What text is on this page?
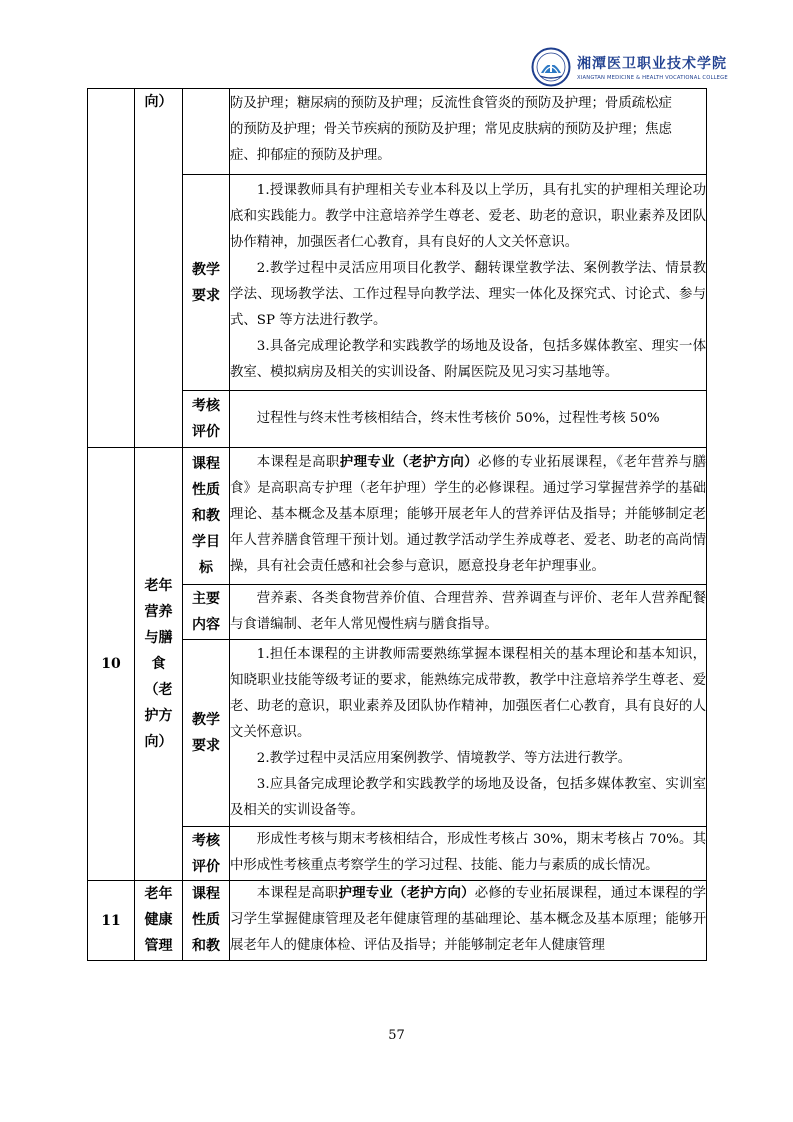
湘潭医卫职业技术学院
XIANGTAN MEDICINE & HEALTH VOCATIONAL COLLEGE
	向）		防及护理；糖尿病的预防及护理；反流性食管炎的预防及护理；骨质疏松症

的预防及护理；骨关节疾病的预防及护理；常见皮肤病的预防及护理；焦虑

症、抑郁症的预防及护理。

		教学要求	1.授课教师具有护理相关专业本科及以上学历，具有扎实的护理相关理论功底和实践能力。教学中注意培养学生尊老、爱老、助老的意识，职业素养及团队协作精神，加强医者仁心教育，具有良好的人文关怀意识。

2.教学过程中灵活应用项目化教学、翻转课堂教学法、案例教学法、情景教学法、现场教学法、工作过程导向教学法、理实一体化及探究式、讨论式、参与式、SP 等方法进行教学。

3.具备完成理论教学和实践教学的场地及设备，包括多媒体教室、理实一体教室、模拟病房及相关的实训设备、附属医院及见习实习基地等。

		考核评价	过程性与终末性考核相结合，终末性考核价 50%，过程性考核 50%

10	老年营养与膳食（老护方向）	课程性质和教学目标	本课程是高职护理专业（老护方向）必修的专业拓展课程，《老年营养与膳食》是高职高专护理（老年护理）学生的必修课程。通过学习掌握营养学的基础理论、基本概念及基本原理；能够开展老年人的营养评估及指导；并能够制定老年人营养膳食管理干预计划。通过教学活动学生养成尊老、爱老、助老的高尚情操，具有社会责任感和社会参与意识，愿意投身老年护理事业。

		主要内容	营养素、各类食物营养价值、合理营养、营养调查与评价、老年人营养配餐与食谱编制、老年人常见慢性病与膳食指导。

		教学要求	1.担任本课程的主讲教师需要熟练掌握本课程相关的基本理论和基本知识，知晓职业技能等级考证的要求，能熟练完成带教，教学中注意培养学生尊老、爱老、助老的意识，职业素养及团队协作精神，加强医者仁心教育，具有良好的人文关怀意识。

2.教学过程中灵活应用案例教学、情境教学、等方法进行教学。

3.应具备完成理论教学和实践教学的场地及设备，包括多媒体教室、实训室及相关的实训设备等。

		考核评价	形成性考核与期末考核相结合，形成性考核占 30%，期末考核占 70%。其中形成性考核重点考察学生的学习过程、技能、能力与素质的成长情况。

11	老年健康管理	课程性质和教	本课程是高职护理专业（老护方向）必修的专业拓展课程，通过本课程的学习学生掌握健康管理及老年健康管理的基础理论、基本概念及基本原理；能够开展老年人的健康体检、评估及指导；并能够制定老年人健康管理

57
